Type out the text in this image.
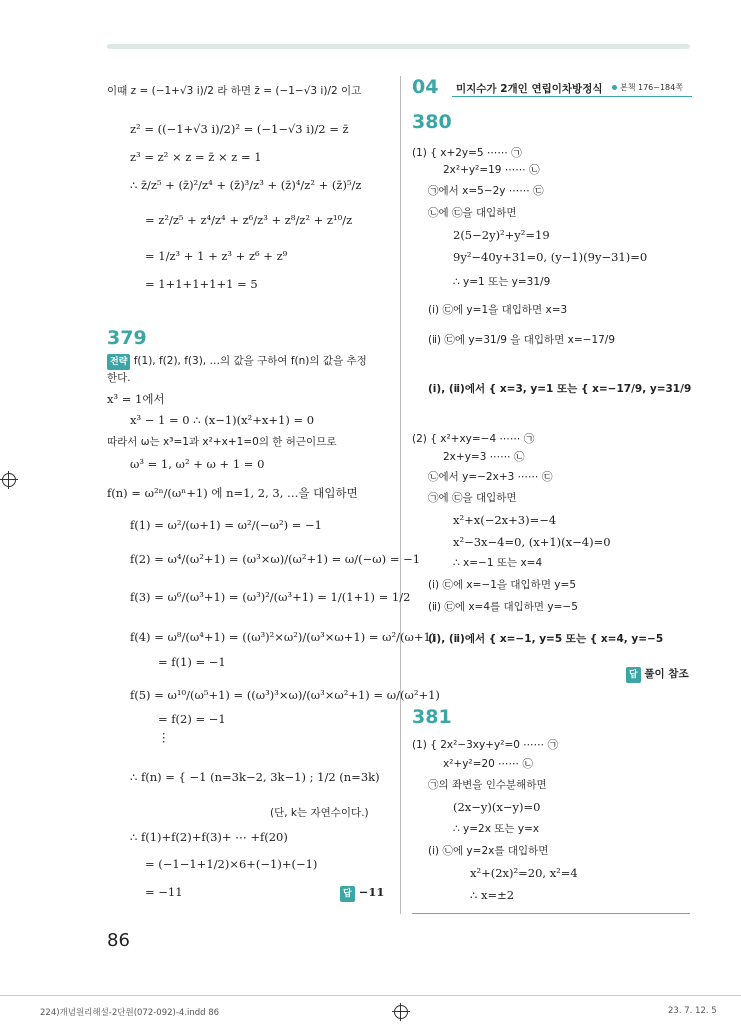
이때 z = (−1+√3 i)/2 라 하면 z̄ = (−1−√3 i)/2 이고
z² = ((−1+√3 i)/2)² = (−1−√3 i)/2 = z̄
z³ = z² × z = z̄ × z = 1
∴ z̄/z⁵ + (z̄)²/z⁴ + (z̄)³/z³ + (z̄)⁴/z² + (z̄)⁵/z
= z²/z⁵ + z⁴/z⁴ + z⁶/z³ + z⁸/z² + z¹⁰/z
= 1/z³ + 1 + z³ + z⁶ + z⁹
= 1+1+1+1+1 = 5
379
전략 f(1), f(2), f(3), …의 값을 구하여 f(n)의 값을 추정
한다.
x³ = 1에서
x³ − 1 = 0 ∴ (x−1)(x²+x+1) = 0
따라서 ω는 x³=1과 x²+x+1=0의 한 허근이므로
ω³ = 1, ω² + ω + 1 = 0
f(n) = ω²ⁿ/(ωⁿ+1) 에 n=1, 2, 3, …을 대입하면
f(1) = ω²/(ω+1) = ω²/(−ω²) = −1
f(2) = ω⁴/(ω²+1) = (ω³×ω)/(ω²+1) = ω/(−ω) = −1
f(3) = ω⁶/(ω³+1) = (ω³)²/(ω³+1) = 1/(1+1) = 1/2
f(4) = ω⁸/(ω⁴+1) = ((ω³)²×ω²)/(ω³×ω+1) = ω²/(ω+1)
= f(1) = −1
f(5) = ω¹⁰/(ω⁵+1) = ((ω³)³×ω)/(ω³×ω²+1) = ω/(ω²+1)
= f(2) = −1
⋮
∴ f(n) = { −1 (n=3k−2, 3k−1) ; 1/2 (n=3k)
(단, k는 자연수이다.)
∴ f(1)+f(2)+f(3)+ ⋯ +f(20)
= (−1−1+1/2)×6+(−1)+(−1)
= −11	답 −11
04 미지수가 2개인 연립이차방정식	본책 176~184쪽
380
(1) { x+2y=5 ⋯⋯ ㉠
2x²+y²=19 ⋯⋯ ㉡
㉠에서 x=5−2y ⋯⋯ ㉢
㉡에 ㉢을 대입하면
2(5−2y)²+y²=19
9y²−40y+31=0, (y−1)(9y−31)=0
∴ y=1 또는 y=31/9
(ⅰ) ㉢에 y=1을 대입하면 x=3
(ⅱ) ㉢에 y=31/9 을 대입하면 x=−17/9
(ⅰ), (ⅱ)에서 { x=3, y=1 또는 { x=−17/9, y=31/9
(2) { x²+xy=−4 ⋯⋯ ㉠
2x+y=3 ⋯⋯ ㉡
㉡에서 y=−2x+3 ⋯⋯ ㉢
㉠에 ㉢을 대입하면
x²+x(−2x+3)=−4
x²−3x−4=0, (x+1)(x−4)=0
∴ x=−1 또는 x=4
(ⅰ) ㉢에 x=−1을 대입하면 y=5
(ⅱ) ㉢에 x=4를 대입하면 y=−5
(ⅰ), (ⅱ)에서 { x=−1, y=5 또는 { x=4, y=−5
답 풀이 참조
381
(1) { 2x²−3xy+y²=0 ⋯⋯ ㉠
x²+y²=20 ⋯⋯ ㉡
㉠의 좌변을 인수분해하면
(2x−y)(x−y)=0
∴ y=2x 또는 y=x
(ⅰ) ㉡에 y=2x를 대입하면
x²+(2x)²=20, x²=4
∴ x=±2
86
224)개념원리해설-2단원(072-092)-4.indd 86	23. 7. 12. 5
